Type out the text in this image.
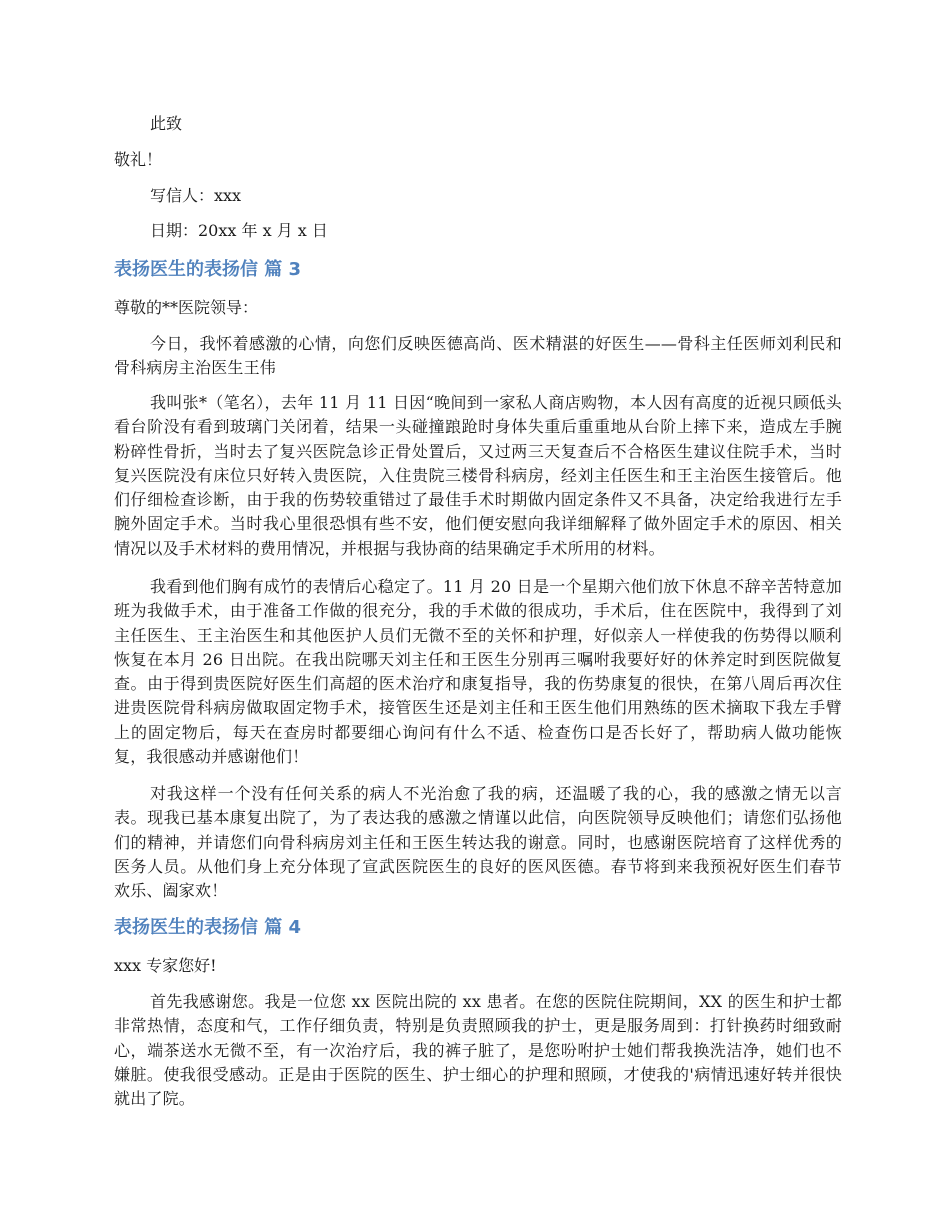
此致
敬礼！
写信人：xxx
日期：20xx 年 x 月 x 日
表扬医生的表扬信 篇 3
尊敬的**医院领导：
今日，我怀着感激的心情，向您们反映医德高尚、医术精湛的好医生——骨科主任医师刘利民和骨科病房主治医生王伟
我叫张*（笔名），去年 11 月 11 日因“晚间到一家私人商店购物，本人因有高度的近视只顾低头看台阶没有看到玻璃门关闭着，结果一头碰撞踉跄时身体失重后重重地从台阶上摔下来，造成左手腕粉碎性骨折，当时去了复兴医院急诊正骨处置后，又过两三天复查后不合格医生建议住院手术，当时复兴医院没有床位只好转入贵医院，入住贵院三楼骨科病房，经刘主任医生和王主治医生接管后。他们仔细检查诊断，由于我的伤势较重错过了最佳手术时期做内固定条件又不具备，决定给我进行左手腕外固定手术。当时我心里很恐惧有些不安，他们便安慰向我详细解释了做外固定手术的原因、相关情况以及手术材料的费用情况，并根据与我协商的结果确定手术所用的材料。
我看到他们胸有成竹的表情后心稳定了。11 月 20 日是一个星期六他们放下休息不辞辛苦特意加班为我做手术，由于准备工作做的很充分，我的手术做的很成功，手术后，住在医院中，我得到了刘主任医生、王主治医生和其他医护人员们无微不至的关怀和护理，好似亲人一样使我的伤势得以顺利恢复在本月 26 日出院。在我出院哪天刘主任和王医生分别再三嘱咐我要好好的休养定时到医院做复查。由于得到贵医院好医生们高超的医术治疗和康复指导，我的伤势康复的很快，在第八周后再次住进贵医院骨科病房做取固定物手术，接管医生还是刘主任和王医生他们用熟练的医术摘取下我左手臂上的固定物后，每天在查房时都要细心询问有什么不适、检查伤口是否长好了，帮助病人做功能恢复，我很感动并感谢他们！
对我这样一个没有任何关系的病人不光治愈了我的病，还温暖了我的心，我的感激之情无以言表。现我已基本康复出院了，为了表达我的感激之情谨以此信，向医院领导反映他们；请您们弘扬他们的精神，并请您们向骨科病房刘主任和王医生转达我的谢意。同时，也感谢医院培育了这样优秀的医务人员。从他们身上充分体现了宣武医院医生的良好的医风医德。春节将到来我预祝好医生们春节欢乐、阖家欢！
表扬医生的表扬信 篇 4
xxx 专家您好!
首先我感谢您。我是一位您 xx 医院出院的 xx 患者。在您的医院住院期间，XX 的医生和护士都非常热情，态度和气，工作仔细负责，特别是负责照顾我的护士，更是服务周到：打针换药时细致耐心，端茶送水无微不至，有一次治疗后，我的裤子脏了，是您吩咐护士她们帮我换洗洁净，她们也不嫌脏。使我很受感动。正是由于医院的医生、护士细心的护理和照顾，才使我的'病情迅速好转并很快就出了院。
